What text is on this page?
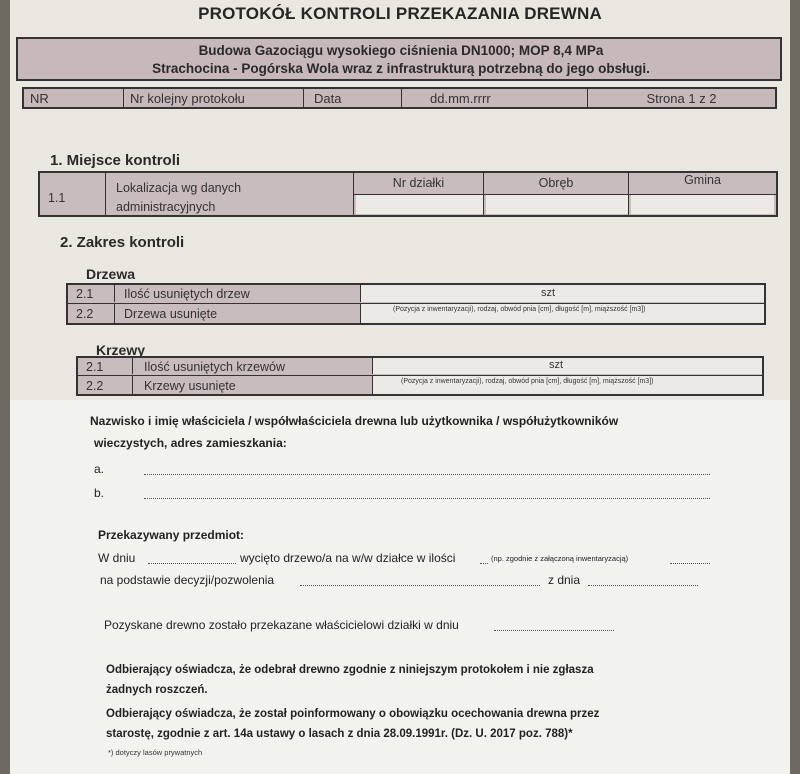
PROTOKÓŁ KONTROLI PRZEKAZANIA DREWNA
Budowa Gazociągu wysokiego ciśnienia DN1000; MOP 8,4 MPa
Strachocina - Pogórska Wola wraz z infrastrukturą potrzebną do jego obsługi.
NR	Nr kolejny protokołu	Data	dd.mm.rrrr	Strona 1 z 2
1. Miejsce kontroli
1.1
Lokalizacja wg danych
administracyjnych
Nr działki	Obręb	Gmina
2. Zakres kontroli
Drzewa
2.1 Ilość usuniętych drzew	szt
2.2 Drzewa usunięte	(Pozycja z inwentaryzacji), rodzaj, obwód pnia [cm], długość [m], miąższość [m3])
Krzewy
2.1	Ilość usuniętych krzewów	szt
2.2	Krzewy usunięte	(Pozycja z inwentaryzacji), rodzaj, obwód pnia [cm], długość [m], miąższość [m3])
Nazwisko i imię właściciela / współwłaściciela drewna lub użytkownika / współużytkowników
wieczystych, adres zamieszkania:
a.
b.
Przekazywany przedmiot:
W dniu	wycięto drzewo/a na w/w działce w ilości	(np. zgodnie z załączoną inwentaryzacją)
na podstawie decyzji/pozwolenia	z dnia
Pozyskane drewno zostało przekazane właścicielowi działki w dniu
Odbierający oświadcza, że odebrał drewno zgodnie z niniejszym protokołem i nie zgłasza
żadnych roszczeń.
Odbierający oświadcza, że został poinformowany o obowiązku ocechowania drewna przez
starostę, zgodnie z art. 14a ustawy o lasach z dnia 28.09.1991r. (Dz. U. 2017 poz. 788)*
*) dotyczy lasów prywatnych
